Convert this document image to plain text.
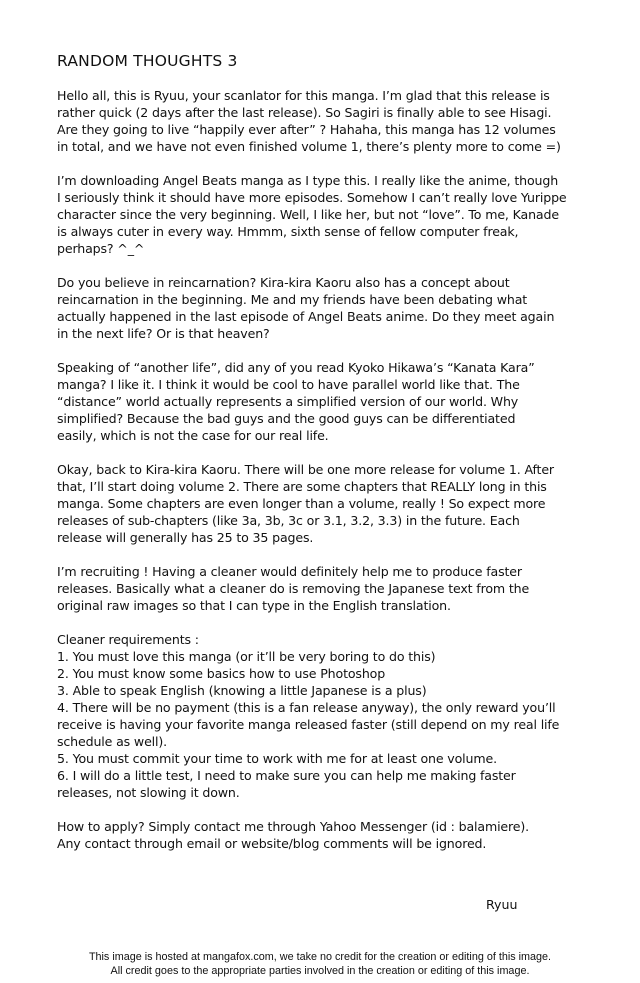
RANDOM THOUGHTS 3

Hello all, this is Ryuu, your scanlator for this manga. I’m glad that this release is
rather quick (2 days after the last release). So Sagiri is finally able to see Hisagi.
Are they going to live “happily ever after” ? Hahaha, this manga has 12 volumes
in total, and we have not even finished volume 1, there’s plenty more to come =)

I’m downloading Angel Beats manga as I type this. I really like the anime, though
I seriously think it should have more episodes. Somehow I can’t really love Yurippe
character since the very beginning. Well, I like her, but not “love”. To me, Kanade
is always cuter in every way. Hmmm, sixth sense of fellow computer freak,
perhaps? ^_^

Do you believe in reincarnation? Kira-kira Kaoru also has a concept about
reincarnation in the beginning. Me and my friends have been debating what
actually happened in the last episode of Angel Beats anime. Do they meet again
in the next life? Or is that heaven?

Speaking of “another life”, did any of you read Kyoko Hikawa’s “Kanata Kara”
manga? I like it. I think it would be cool to have parallel world like that. The
“distance” world actually represents a simplified version of our world. Why
simplified? Because the bad guys and the good guys can be differentiated
easily, which is not the case for our real life.

Okay, back to Kira-kira Kaoru. There will be one more release for volume 1. After
that, I’ll start doing volume 2. There are some chapters that REALLY long in this
manga. Some chapters are even longer than a volume, really ! So expect more
releases of sub-chapters (like 3a, 3b, 3c or 3.1, 3.2, 3.3) in the future. Each
release will generally has 25 to 35 pages.

I’m recruiting ! Having a cleaner would definitely help me to produce faster
releases. Basically what a cleaner do is removing the Japanese text from the
original raw images so that I can type in the English translation.

Cleaner requirements :
1. You must love this manga (or it’ll be very boring to do this)
2. You must know some basics how to use Photoshop
3. Able to speak English (knowing a little Japanese is a plus)
4. There will be no payment (this is a fan release anyway), the only reward you’ll
receive is having your favorite manga released faster (still depend on my real life
schedule as well).
5. You must commit your time to work with me for at least one volume.
6. I will do a little test, I need to make sure you can help me making faster
releases, not slowing it down.

How to apply? Simply contact me through Yahoo Messenger (id : balamiere).
Any contact through email or website/blog comments will be ignored.

Ryuu
This image is hosted at mangafox.com, we take no credit for the creation or editing of this image.
All credit goes to the appropriate parties involved in the creation or editing of this image.
